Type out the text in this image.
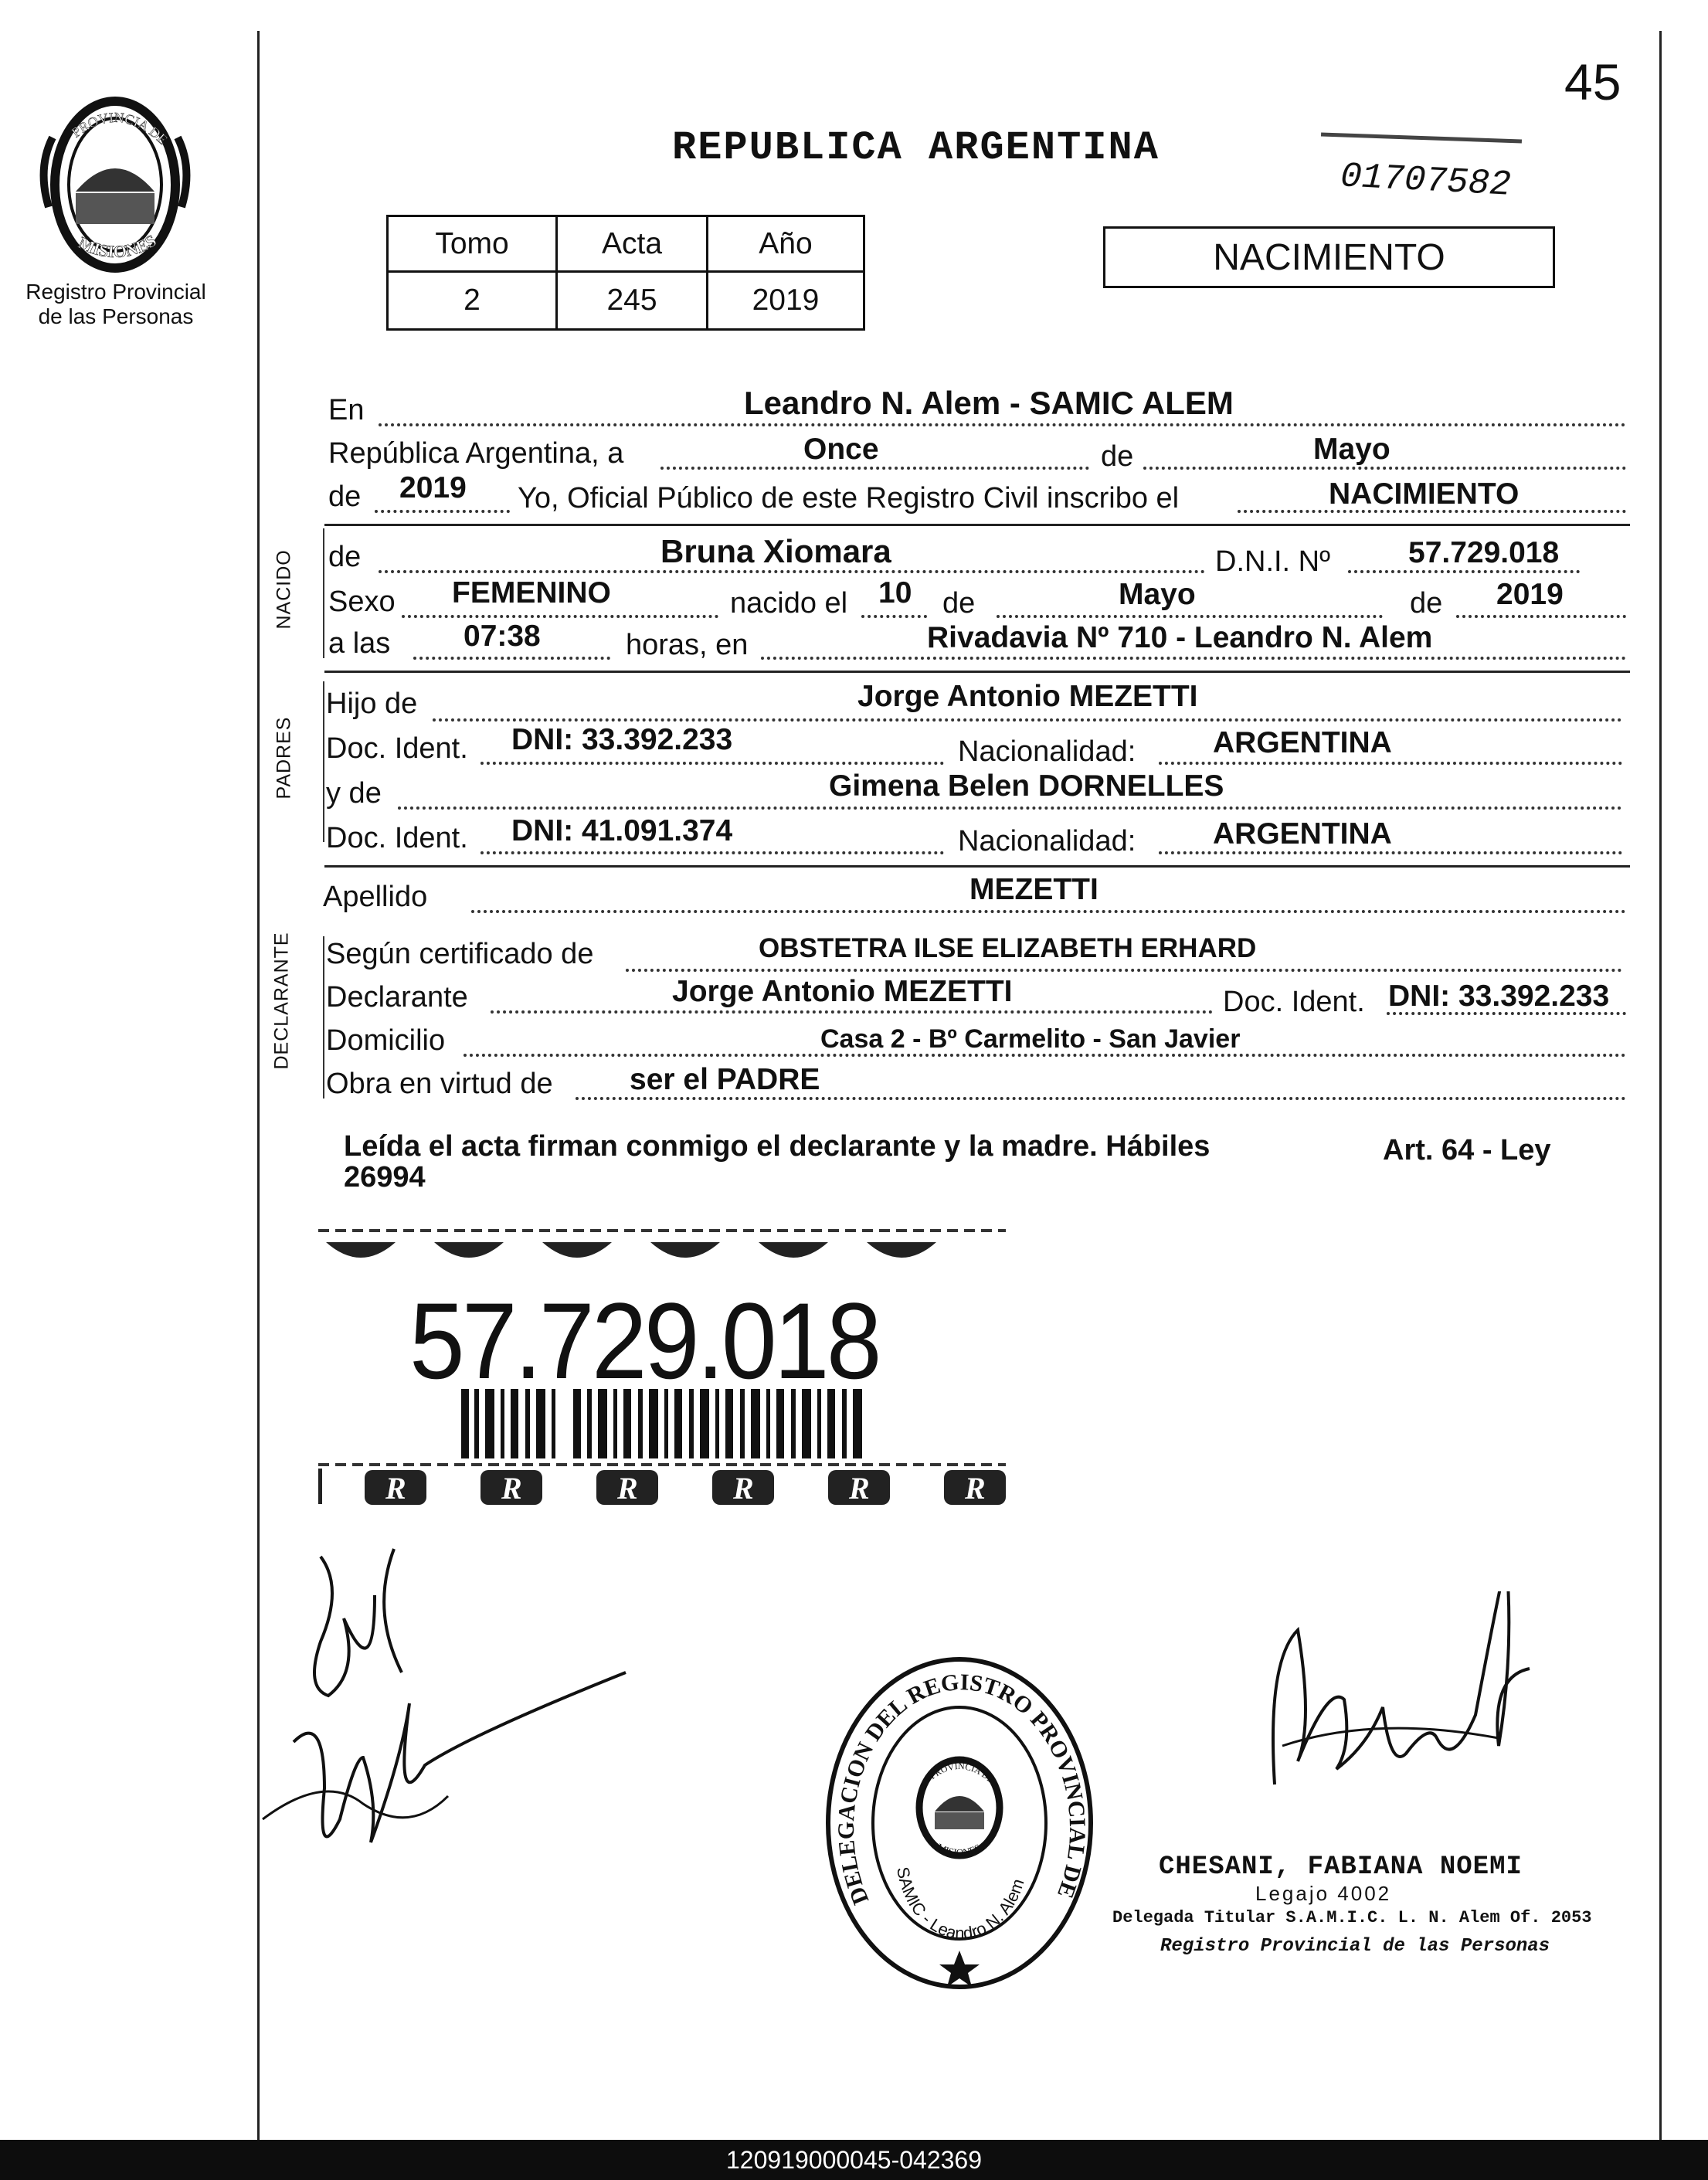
PROVINCIA DE
MISIONES
Registro Provincial
de las Personas
45
REPUBLICA ARGENTINA
01707582
Tomo	Acta	Año
2	245	2019
NACIMIENTO
En	Leandro N. Alem - SAMIC ALEM
República Argentina, a	Once	de	Mayo
de 2019 Yo, Oficial Público de este Registro Civil inscribo el	NACIMIENTO
NACIDO de	Bruna Xiomara	D.N.I. Nº	57.729.018
Sexo FEMENINO	nacido el 10 de	Mayo	de 2019
a las 07:38	horas, en	Rivadavia Nº 710 - Leandro N. Alem
PADRES
Hijo de	Jorge Antonio MEZETTI
Doc. Ident. DNI: 33.392.233	Nacionalidad:	ARGENTINA
y de	Gimena Belen DORNELLES
Doc. Ident. DNI: 41.091.374	Nacionalidad:	ARGENTINA
Apellido	MEZETTI
DECLARANTE Según certificado de	OBSTETRA ILSE ELIZABETH ERHARD
Declarante	Jorge Antonio MEZETTI	Doc. Ident. DNI: 33.392.233
Domicilio	Casa 2 - Bº Carmelito - San Javier
Obra en virtud de	ser el PADRE
Leída el acta firman conmigo el declarante y la madre. Hábiles	Art. 64 - Ley
26994
R	R	R	R	R	R
57.729.018
DELEGACION DEL REGISTRO PROVINCIAL DE
SAMIC - Leandro N. Alem
PROVINCIA DE
MISIONES
CHESANI, FABIANA NOEMI
Legajo 4002
Delegada Titular S.A.M.I.C. L. N. Alem Of. 2053
Registro Provincial de las Personas
120919000045-042369
